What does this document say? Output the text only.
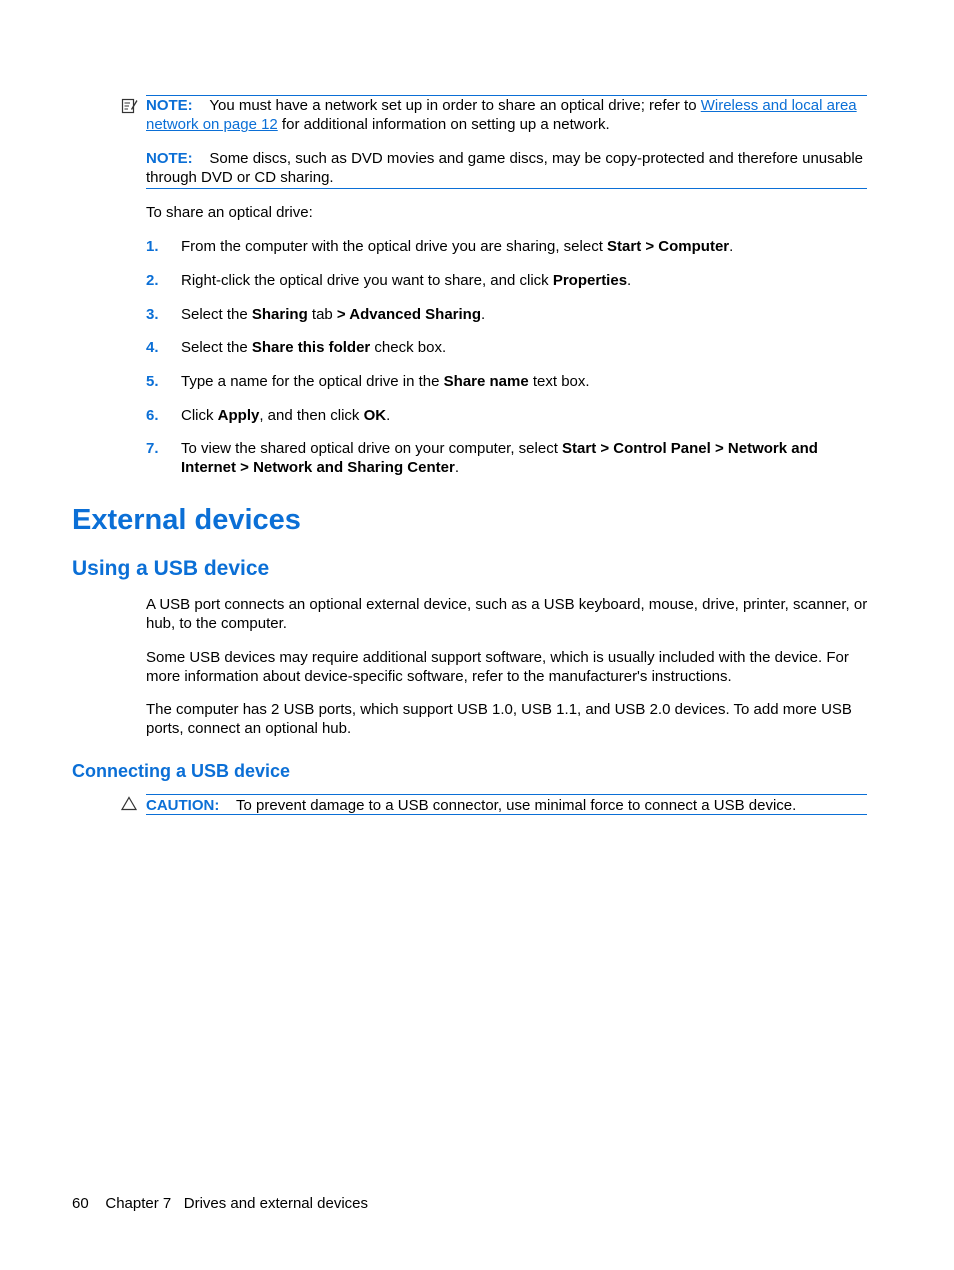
NOTE: You must have a network set up in order to share an optical drive; refer to Wireless and local area network on page 12 for additional information on setting up a network.
NOTE: Some discs, such as DVD movies and game discs, may be copy-protected and therefore unusable through DVD or CD sharing.
To share an optical drive:
1. From the computer with the optical drive you are sharing, select Start > Computer.
2. Right-click the optical drive you want to share, and click Properties.
3. Select the Sharing tab > Advanced Sharing.
4. Select the Share this folder check box.
5. Type a name for the optical drive in the Share name text box.
6. Click Apply, and then click OK.
7. To view the shared optical drive on your computer, select Start > Control Panel > Network and Internet > Network and Sharing Center.
External devices
Using a USB device
A USB port connects an optional external device, such as a USB keyboard, mouse, drive, printer, scanner, or hub, to the computer.
Some USB devices may require additional support software, which is usually included with the device. For more information about device-specific software, refer to the manufacturer's instructions.
The computer has 2 USB ports, which support USB 1.0, USB 1.1, and USB 2.0 devices. To add more USB ports, connect an optional hub.
Connecting a USB device
CAUTION: To prevent damage to a USB connector, use minimal force to connect a USB device.
60 Chapter 7 Drives and external devices
